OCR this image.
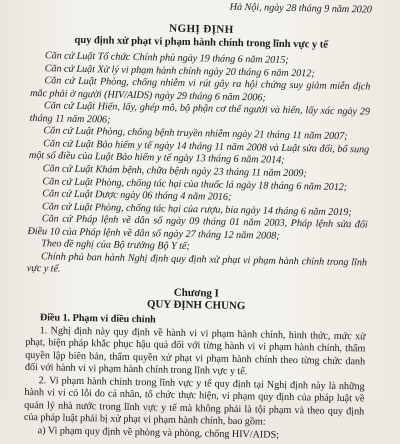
Hà Nội, ngày 28 tháng 9 năm 2020
NGHỊ ĐỊNH
quy định xử phạt vi phạm hành chính trong lĩnh vực y tế

Căn cứ Luật Tổ chức Chính phủ ngày 19 tháng 6 năm 2015;

Căn cứ Luật Xử lý vi phạm hành chính ngày 20 tháng 6 năm 2012;

Căn cứ Luật Phòng, chống nhiễm vi rút gây ra hội chứng suy giảm miễn dịch mắc phải ở người (HIV/AIDS) ngày 29 tháng 6 năm 2006;

Căn cứ Luật Hiến, lấy, ghép mô, bộ phận cơ thể người và hiến, lấy xác ngày 29 tháng 11 năm 2006;

Căn cứ Luật Phòng, chống bệnh truyền nhiễm ngày 21 tháng 11 năm 2007;

Căn cứ Luật Bảo hiểm y tế ngày 14 tháng 11 năm 2008 và Luật sửa đổi, bổ sung một số điều của Luật Bảo hiểm y tế ngày 13 tháng 6 năm 2014;

Căn cứ Luật Khám bệnh, chữa bệnh ngày 23 tháng 11 năm 2009;

Căn cứ Luật Phòng, chống tác hại của thuốc lá ngày 18 tháng 6 năm 2012;

Căn cứ Luật Dược ngày 06 tháng 4 năm 2016;

Căn cứ Luật Phòng, chống tác hại của rượu, bia ngày 14 tháng 6 năm 2019;

Căn cứ Pháp lệnh về dân số ngày 09 tháng 01 năm 2003, Pháp lệnh sửa đổi Điều 10 của Pháp lệnh về dân số ngày 27 tháng 12 năm 2008;

Theo đề nghị của Bộ trưởng Bộ Y tế;

Chính phủ ban hành Nghị định quy định xử phạt vi phạm hành chính trong lĩnh vực y tế.

Chương I
QUY ĐỊNH CHUNG

Điều 1. Phạm vi điều chỉnh

1. Nghị định này quy định về hành vi vi phạm hành chính, hình thức, mức xử phạt, biện pháp khắc phục hậu quả đối với từng hành vi vi phạm hành chính, thẩm quyền lập biên bản, thẩm quyền xử phạt vi phạm hành chính theo từng chức danh đối với hành vi vi phạm hành chính trong lĩnh vực y tế.

2. Vi phạm hành chính trong lĩnh vực y tế quy định tại Nghị định này là những hành vi vi có lỗi do cá nhân, tổ chức thực hiện, vi phạm quy định của pháp luật về quản lý nhà nước trong lĩnh vực y tế mà không phải là tội phạm và theo quy định của pháp luật phải bị xử phạt vi phạm hành chính, bao gồm:

a) Vi phạm quy định về phòng và phòng, chống HIV/AIDS;
